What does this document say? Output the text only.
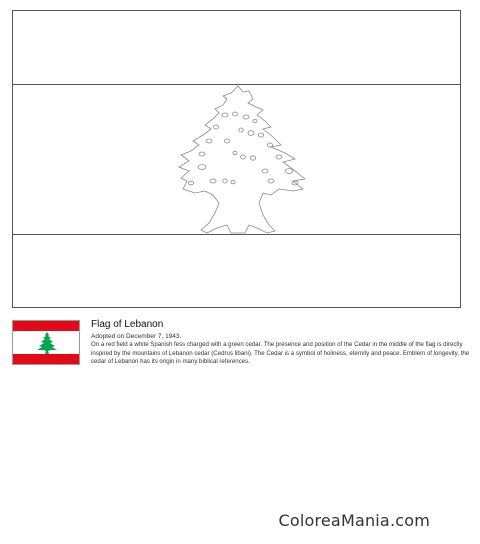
Flag of Lebanon
Adopted on December 7, 1943.
On a red field a white Spanish fess charged with a green cedar. The presence and position of the Cedar in the middle of the flag is directly inspired by the mountains of Lebanon cedar (Cedrus libani). The Cedar is a symbol of holiness, eternity and peace. Emblem of longevity, the cedar of Lebanon has its origin in many biblical references.
ColoreaMania.com
